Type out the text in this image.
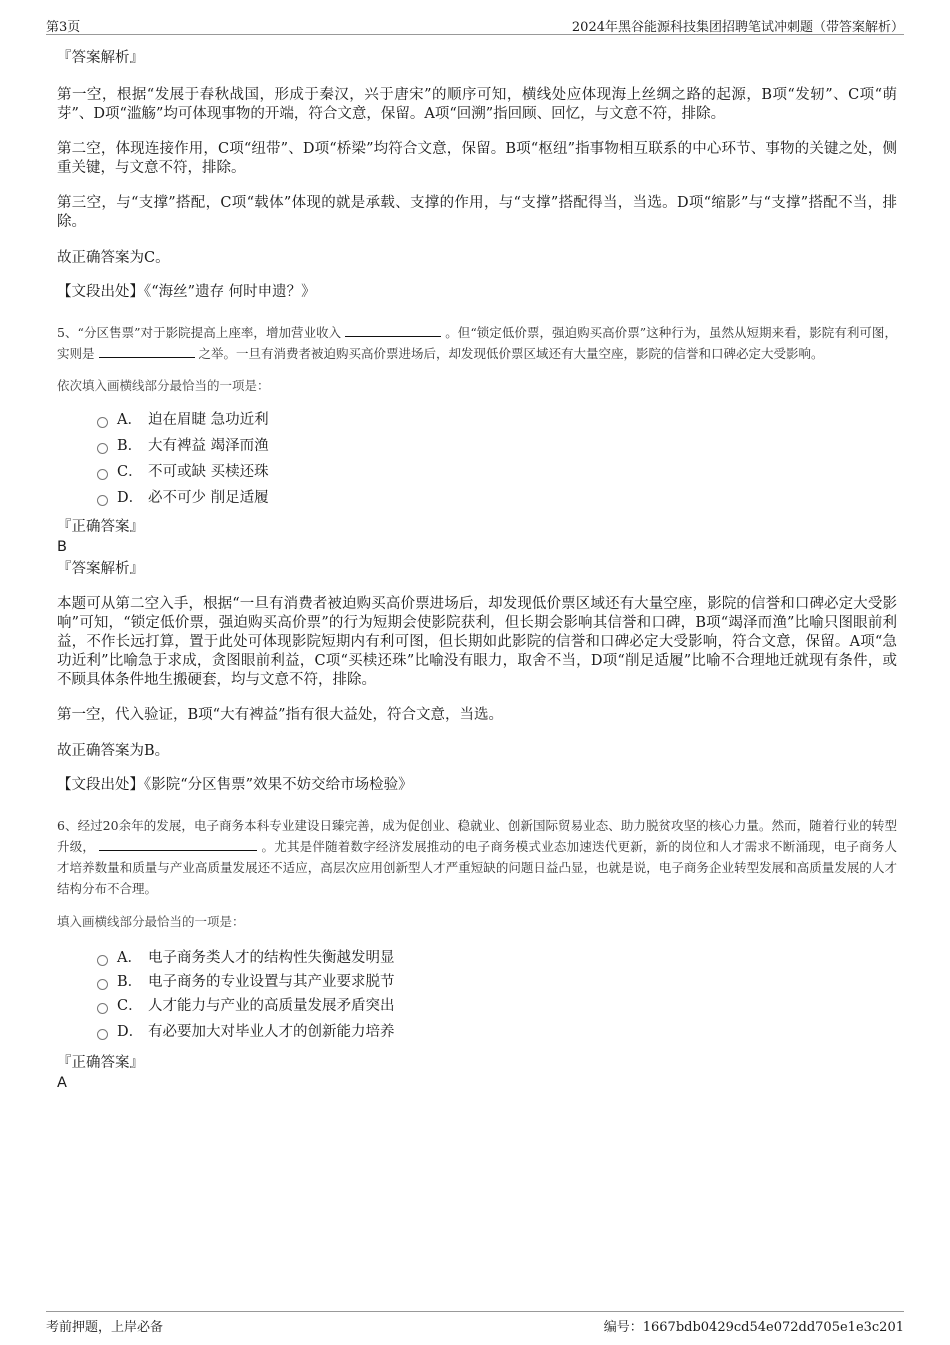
第3页	2024年黑谷能源科技集团招聘笔试冲刺题（带答案解析）

『答案解析』

第一空，根据“发展于春秋战国，形成于秦汉，兴于唐宋”的顺序可知，横线处应体现海上丝绸之路的起源，B项“发轫”、C项“萌芽”、D项“滥觞”均可体现事物的开端，符合文意，保留。A项“回溯”指回顾、回忆，与文意不符，排除。

第二空，体现连接作用，C项“纽带”、D项“桥梁”均符合文意，保留。B项“枢纽”指事物相互联系的中心环节、事物的关键之处，侧重关键，与文意不符，排除。

第三空，与“支撑”搭配，C项“载体”体现的就是承载、支撑的作用，与“支撑”搭配得当，当选。D项“缩影”与“支撑”搭配不当，排除。

故正确答案为C。

【文段出处】《“海丝”遗存 何时申遗？》

5、“分区售票”对于影院提高上座率，增加营业收入	。但“锁定低价票，强迫购买高价票”这种行为，虽然从短期来看，影院有利可图，实则是	之举。一旦有消费者被迫购买高价票进场后，却发现低价票区域还有大量空座，影院的信誉和口碑必定大受影响。

依次填入画横线部分最恰当的一项是：

A． 迫在眉睫 急功近利
B． 大有裨益 竭泽而渔
C． 不可或缺 买椟还珠
D． 必不可少 削足适履

『正确答案』

B

『答案解析』

本题可从第二空入手，根据“一旦有消费者被迫购买高价票进场后，却发现低价票区域还有大量空座，影院的信誉和口碑必定大受影响”可知，“锁定低价票，强迫购买高价票”的行为短期会使影院获利，但长期会影响其信誉和口碑，B项“竭泽而渔”比喻只图眼前利益，不作长远打算，置于此处可体现影院短期内有利可图，但长期如此影院的信誉和口碑必定大受影响，符合文意，保留。A项“急功近利”比喻急于求成，贪图眼前利益，C项“买椟还珠”比喻没有眼力，取舍不当，D项“削足适履”比喻不合理地迁就现有条件，或不顾具体条件地生搬硬套，均与文意不符，排除。

第一空，代入验证，B项“大有裨益”指有很大益处，符合文意，当选。

故正确答案为B。

【文段出处】《影院“分区售票”效果不妨交给市场检验》

6、经过20余年的发展，电子商务本科专业建设日臻完善，成为促创业、稳就业、创新国际贸易业态、助力脱贫攻坚的核心力量。然而，随着行业的转型升级，	。尤其是伴随着数字经济发展推动的电子商务模式业态加速迭代更新，新的岗位和人才需求不断涌现，电子商务人才培养数量和质量与产业高质量发展还不适应，高层次应用创新型人才严重短缺的问题日益凸显，也就是说，电子商务企业转型发展和高质量发展的人才结构分布不合理。

填入画横线部分最恰当的一项是：

A． 电子商务类人才的结构性失衡越发明显
B． 电子商务的专业设置与其产业要求脱节
C． 人才能力与产业的高质量发展矛盾突出
D． 有必要加大对毕业人才的创新能力培养

『正确答案』

A

考前押题，上岸必备	编号：1667bdb0429cd54e072dd705e1e3c201
